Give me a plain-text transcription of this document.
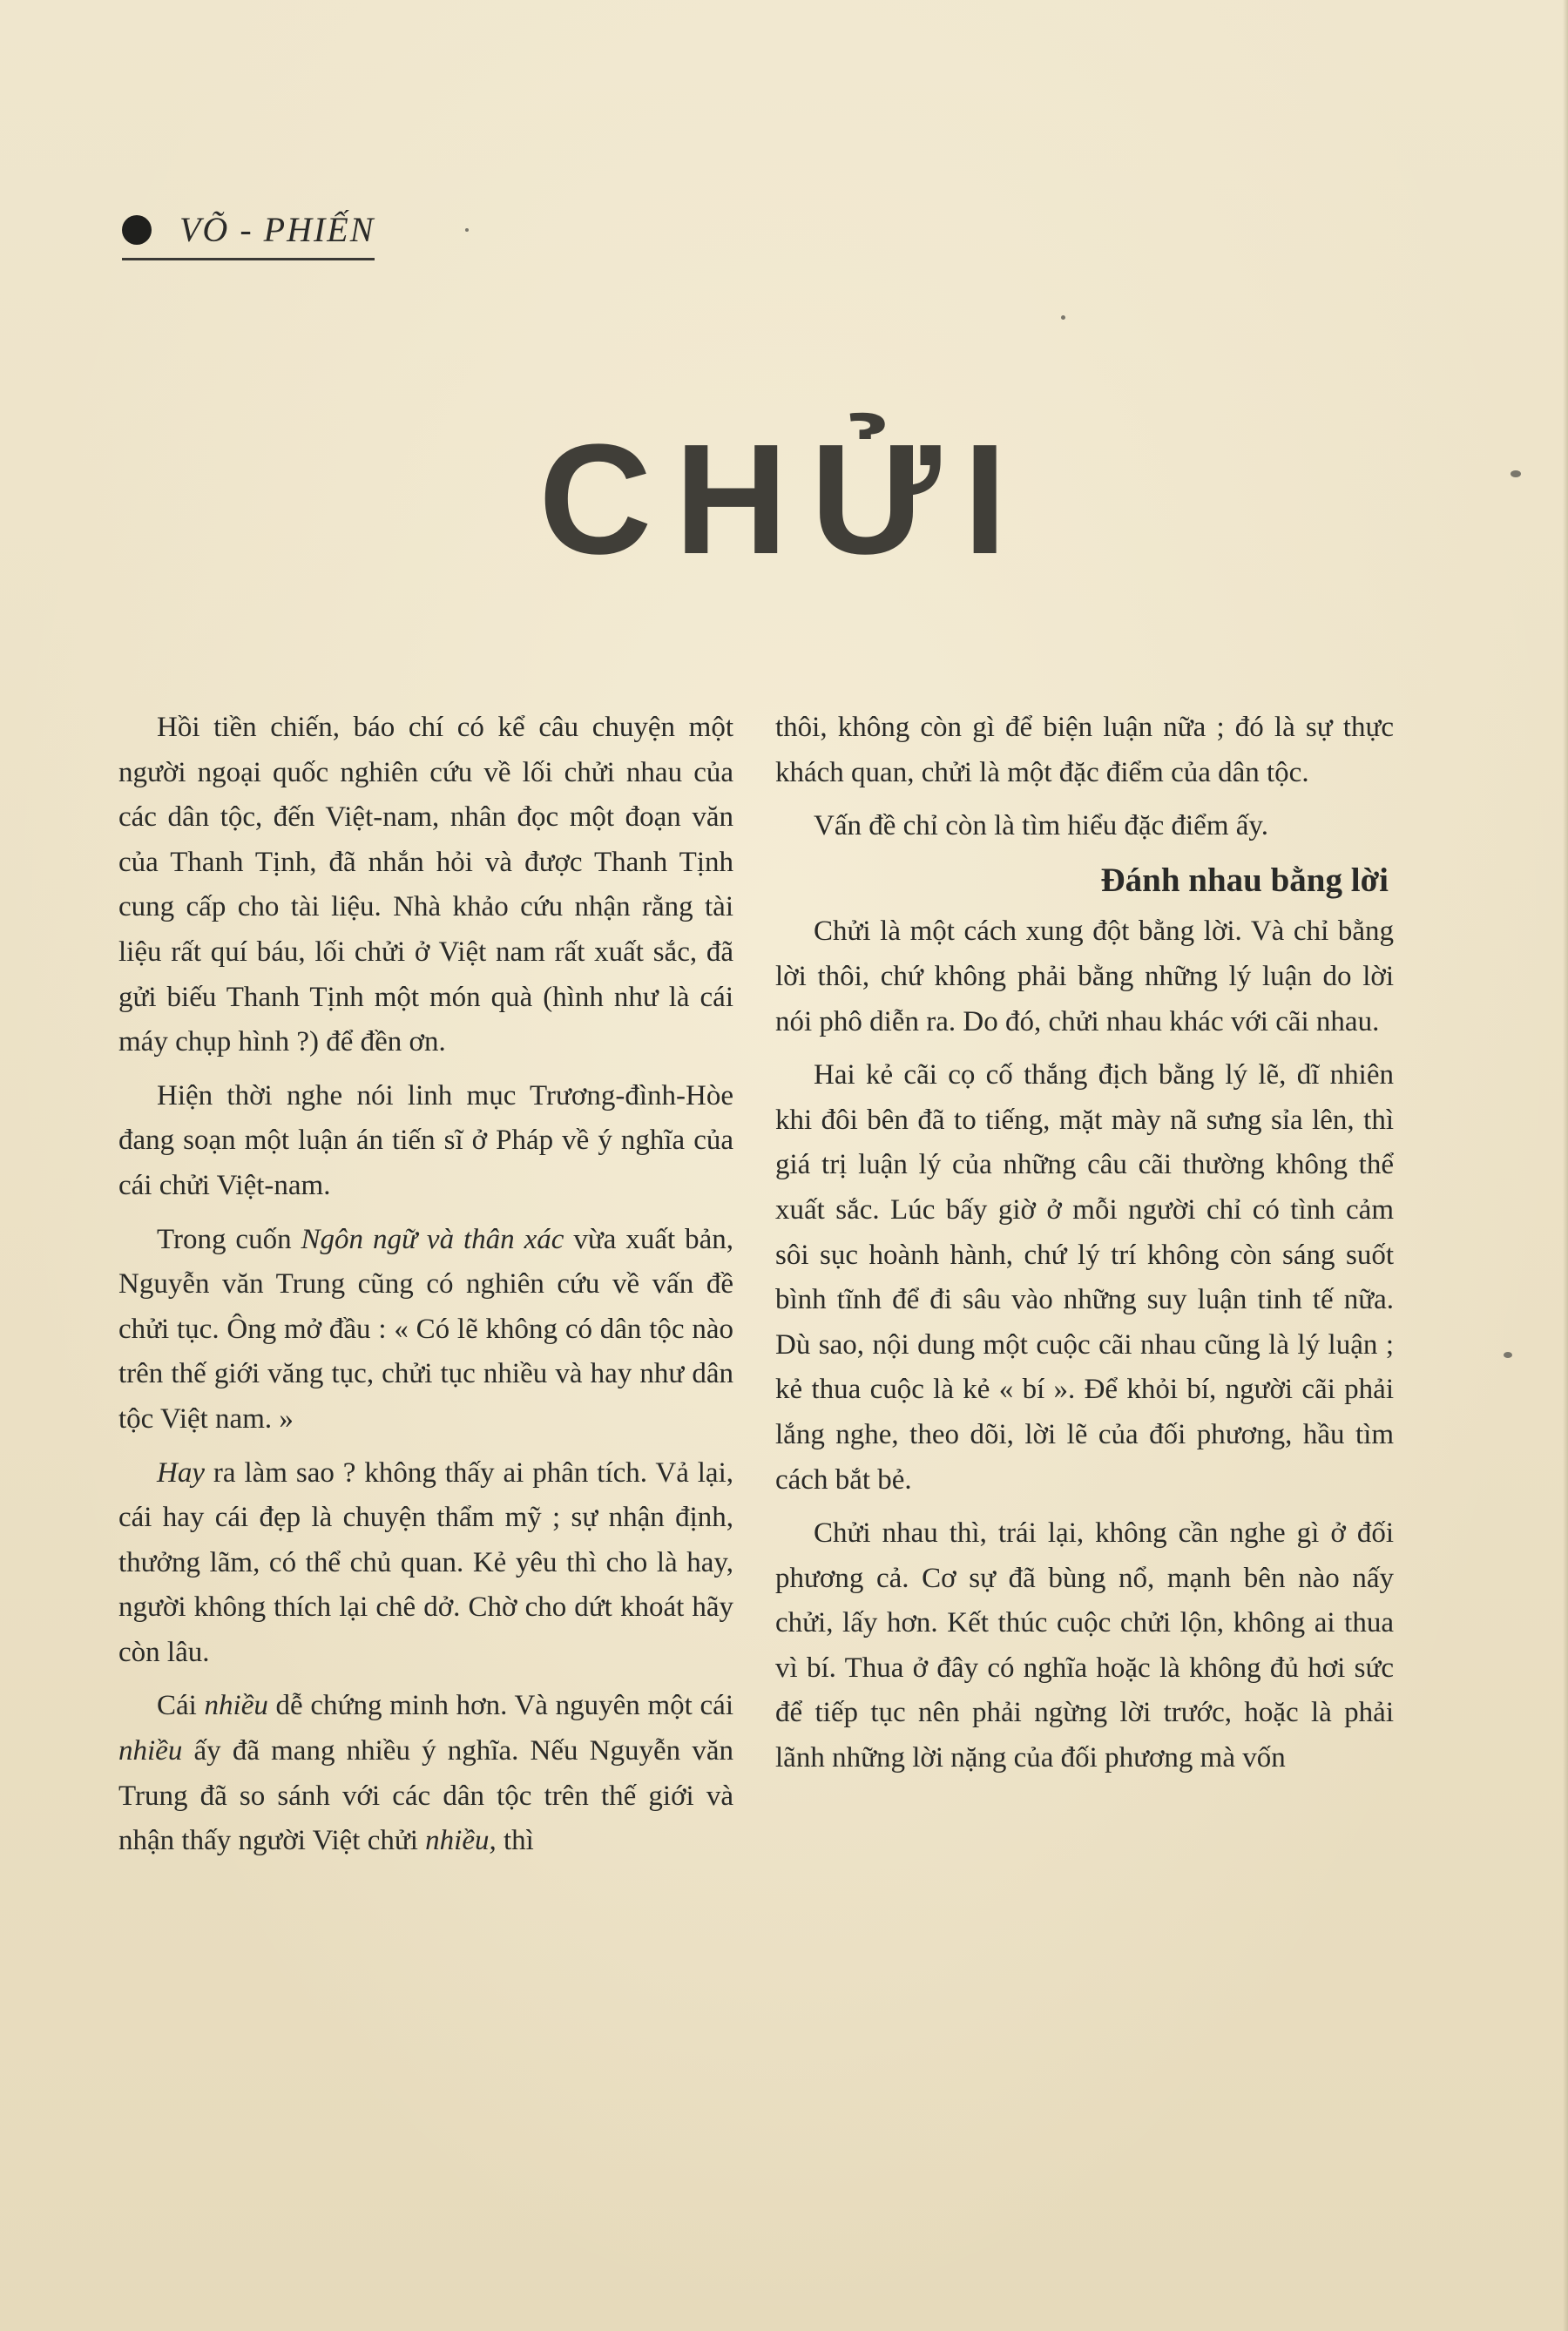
VÕ - PHIẾN
CHỬI

Hồi tiền chiến, báo chí có kể câu chuyện một người ngoại quốc nghiên cứu về lối chửi nhau của các dân tộc, đến Việt-nam, nhân đọc một đoạn văn của Thanh Tịnh, đã nhắn hỏi và được Thanh Tịnh cung cấp cho tài liệu. Nhà khảo cứu nhận rằng tài liệu rất quí báu, lối chửi ở Việt nam rất xuất sắc, đã gửi biếu Thanh Tịnh một món quà (hình như là cái máy chụp hình ?) để đền ơn.

Hiện thời nghe nói linh mục Trương-đình-Hòe đang soạn một luận án tiến sĩ ở Pháp về ý nghĩa của cái chửi Việt-nam.

Trong cuốn Ngôn ngữ và thân xác vừa xuất bản, Nguyễn văn Trung cũng có nghiên cứu về vấn đề chửi tục. Ông mở đầu : « Có lẽ không có dân tộc nào trên thế giới văng tục, chửi tục nhiều và hay như dân tộc Việt nam. »

Hay ra làm sao ? không thấy ai phân tích. Vả lại, cái hay cái đẹp là chuyện thẩm mỹ ; sự nhận định, thưởng lãm, có thể chủ quan. Kẻ yêu thì cho là hay, người không thích lại chê dở. Chờ cho dứt khoát hãy còn lâu.

Cái nhiều dễ chứng minh hơn. Và nguyên một cái nhiều ấy đã mang nhiều ý nghĩa. Nếu Nguyễn văn Trung đã so sánh với các dân tộc trên thế giới và nhận thấy người Việt chửi nhiều, thì

thôi, không còn gì để biện luận nữa ; đó là sự thực khách quan, chửi là một đặc điểm của dân tộc.

Vấn đề chỉ còn là tìm hiểu đặc điểm ấy.

Đánh nhau bằng lời

Chửi là một cách xung đột bằng lời. Và chỉ bằng lời thôi, chứ không phải bằng những lý luận do lời nói phô diễn ra. Do đó, chửi nhau khác với cãi nhau.

Hai kẻ cãi cọ cố thắng địch bằng lý lẽ, dĩ nhiên khi đôi bên đã to tiếng, mặt mày nã sưng sỉa lên, thì giá trị luận lý của những câu cãi thường không thể xuất sắc. Lúc bấy giờ ở mỗi người chỉ có tình cảm sôi sục hoành hành, chứ lý trí không còn sáng suốt bình tĩnh để đi sâu vào những suy luận tinh tế nữa. Dù sao, nội dung một cuộc cãi nhau cũng là lý luận ; kẻ thua cuộc là kẻ « bí ». Để khỏi bí, người cãi phải lắng nghe, theo dõi, lời lẽ của đối phương, hầu tìm cách bắt bẻ.

Chửi nhau thì, trái lại, không cần nghe gì ở đối phương cả. Cơ sự đã bùng nổ, mạnh bên nào nấy chửi, lấy hơn. Kết thúc cuộc chửi lộn, không ai thua vì bí. Thua ở đây có nghĩa hoặc là không đủ hơi sức để tiếp tục nên phải ngừng lời trước, hoặc là phải lãnh những lời nặng của đối phương mà vốn
